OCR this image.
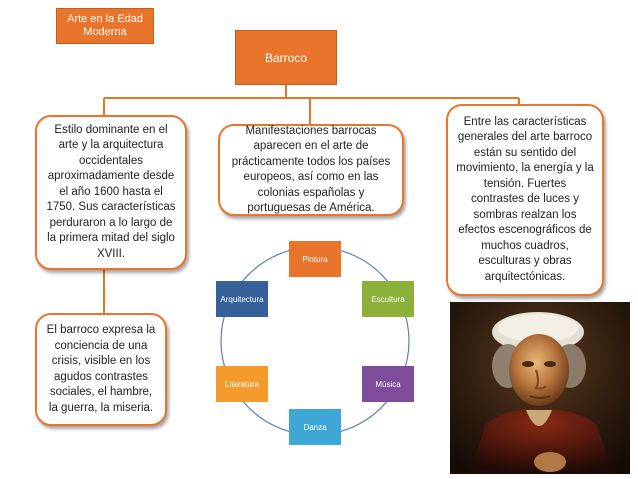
Arte en la Edad Moderna
Barroco
Estilo dominante en el arte y la arquitectura occidentales aproximadamente desde el año 1600 hasta el 1750. Sus características perduraron a lo largo de la primera mitad del siglo XVIII.
Manifestaciones barrocas aparecen en el arte de prácticamente todos los países europeos, así como en las colonias españolas y portuguesas de América.
Entre las características generales del arte barroco están su sentido del movimiento, la energía y la tensión. Fuertes contrastes de luces y sombras realzan los efectos escenográficos de muchos cuadros, esculturas y obras arquitectónicas.
El barroco expresa la conciencia de una crisis, visible en los agudos contrastes sociales, el hambre, la guerra, la miseria.
Pintura
Escultura
Música
Danza
Literatura
Arquitectura
